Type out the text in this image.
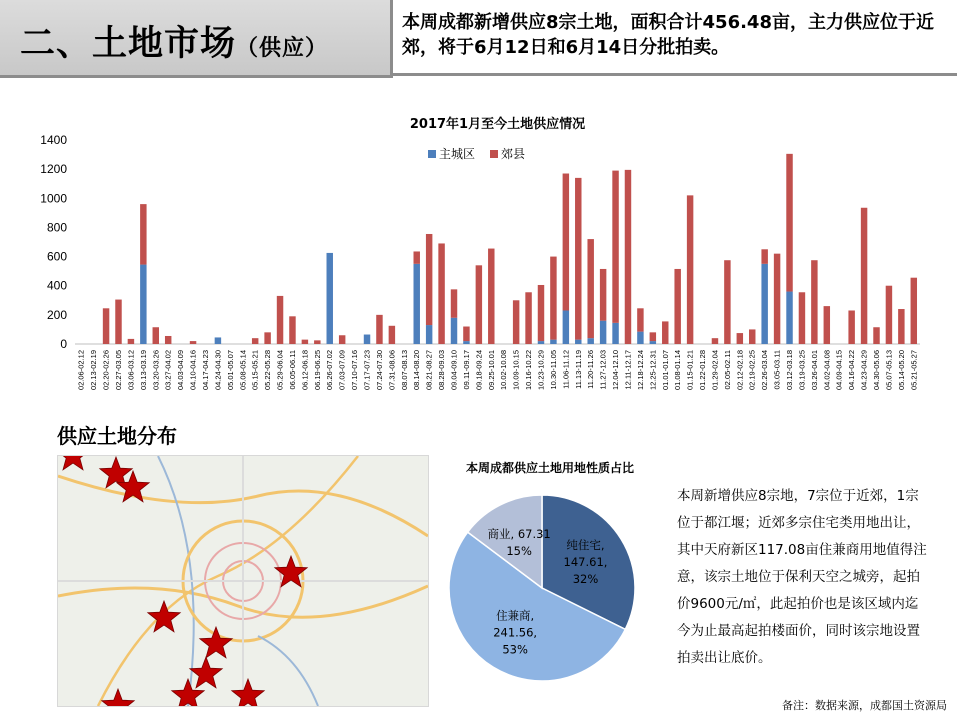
二、土地市场（供应）
本周成都新增供应8宗土地，面积合计456.48亩，主力供应位于近郊，将于6月12日和6月14日分批拍卖。
2017年1月至今土地供应情况
0
200
400
600
800
1000
1200
1400
02.06-02.12 02.13-02.19 02.20-02.26 02.27-03.05 03.06-03.12 03.13-03.19 03.20-03.26 03.27-04.02 04.03-04.09 04.10-04.16 04.17-04.23 04.24-04.30 05.01-05.07 05.08-05.14 05.15-05.21 05.22-05.28 05.29-06.04 06.05-06.11 06.12-06.18 06.19-06.25 06.26-07.02 07.03-07.09 07.10-07.16 07.17-07.23 07.24-07.30 07.31-08.06 08.07-08.13 08.14-08.20 08.21-08.27 08.28-09.03 09.04-09.10 09.11-09.17 09.18-09.24 09.25-10.01 10.02-10.08 10.09-10.15 10.16-10.22 10.23-10.29 10.30-11.05 11.06-11.12 11.13-11.19 11.20-11.26 11.27-12.03 12.04-12.10 12.11-12.17 12.18-12.24 12.25-12.31 01.01-01.07 01.08-01.14 01.15-01.21 01.22-01.28 01.29-02.04 02.05-02.11 02.12-02.18 02.19-02.25 02.26-03.04 03.05-03.11 03.12-03.18 03.19-03.25 03.26-04.01 04.02-04.08 04.09-04.15 04.16-04.22 04.23-04.29 04.30-05.06 05.07-05.13 05.14-05.20 05.21-05.27
主城区 郊县
供应土地分布
本周成都供应土地用地性质占比
纯住宅,
147.61,
32%
住兼商,
241.56,
53%
商业, 67.31
15%
本周新增供应8宗地，7宗位于近郊，1宗位于都江堰；近郊多宗住宅类用地出让，其中天府新区117.08亩住兼商用地值得注意，该宗土地位于保利天空之城旁，起拍价9600元/㎡，此起拍价也是该区域内迄今为止最高起拍楼面价，同时该宗地设置拍卖出让底价。
备注：数据来源，成都国土资源局
